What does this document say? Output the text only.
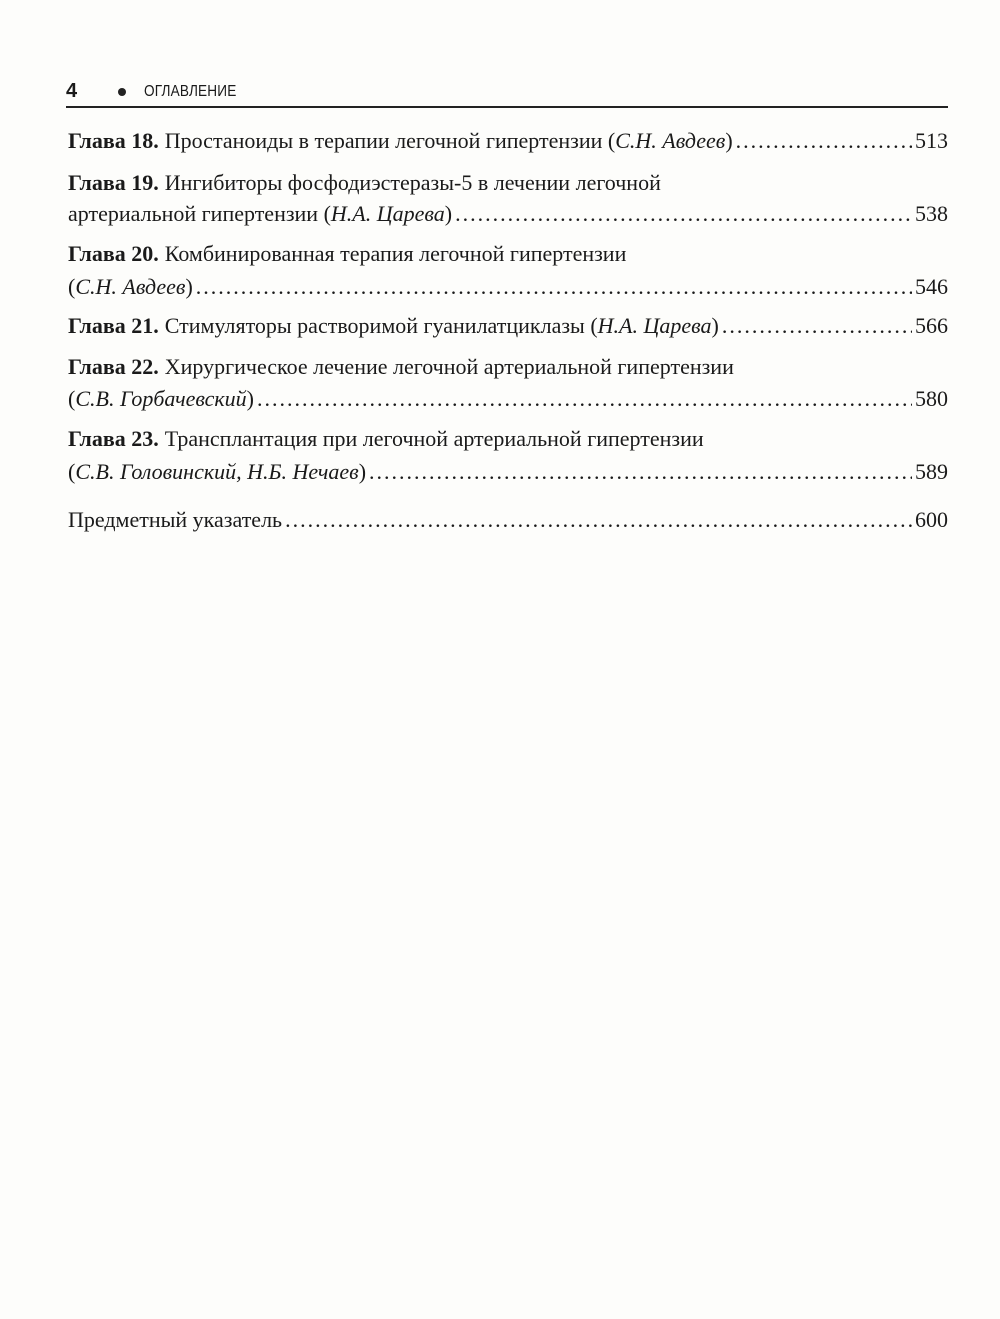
4	ОГЛАВЛЕНИЕ
Глава 18. Простаноиды в терапии легочной гипертензии ( С.Н. Авдеев ) .....	513
Глава 19. Ингибиторы фосфодиэстеразы-5 в лечении легочной
артериальной гипертензии ( Н.А. Царева ) .....	538
Глава 20. Комбинированная терапия легочной гипертензии
( С.Н. Авдеев ) .....	546
Глава 21. Стимуляторы растворимой гуанилатциклазы ( Н.А. Царева ) .....	566
Глава 22. Хирургическое лечение легочной артериальной гипертензии
( С.В. Горбачевский ) .....	580
Глава 23. Трансплантация при легочной артериальной гипертензии
( С.В. Головинский, Н.Б. Нечаев ) .....	589
Предметный указатель .....	600
